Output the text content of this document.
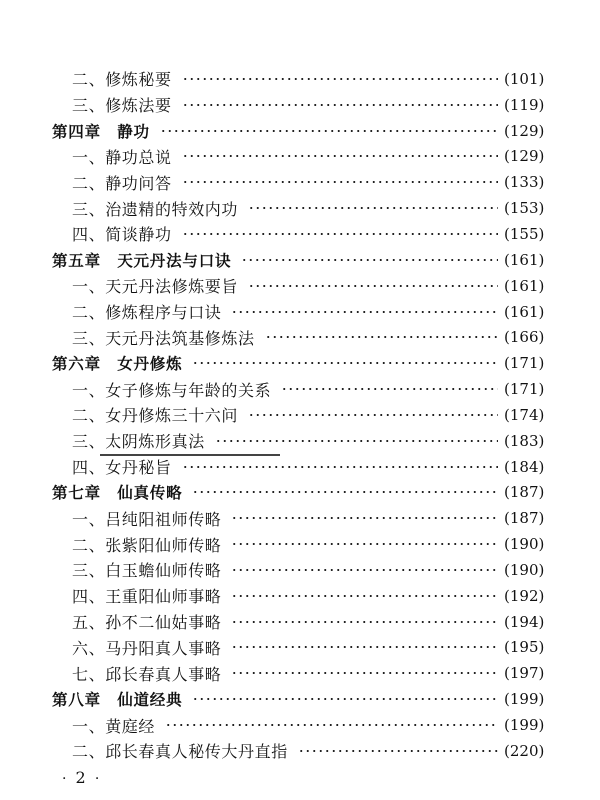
二、修炼秘要	(101)
三、修炼法要	(119)
第四章　静功	(129)
一、静功总说	(129)
二、静功问答	(133)
三、治遗精的特效内功	(153)
四、简谈静功	(155)
第五章　天元丹法与口诀	(161)
一、天元丹法修炼要旨	(161)
二、修炼程序与口诀	(161)
三、天元丹法筑基修炼法	(166)
第六章　女丹修炼	(171)
一、女子修炼与年龄的关系	(171)
二、女丹修炼三十六问	(174)
三、太阴炼形真法	(183)
四、女丹秘旨	(184)
第七章　仙真传略	(187)
一、吕纯阳祖师传略	(187)
二、张紫阳仙师传略	(190)
三、白玉蟾仙师传略	(190)
四、王重阳仙师事略	(192)
五、孙不二仙姑事略	(194)
六、马丹阳真人事略	(195)
七、邱长春真人事略	(197)
第八章　仙道经典	(199)
一、黄庭经	(199)
二、邱长春真人秘传大丹直指	(220)
· 2 ·
